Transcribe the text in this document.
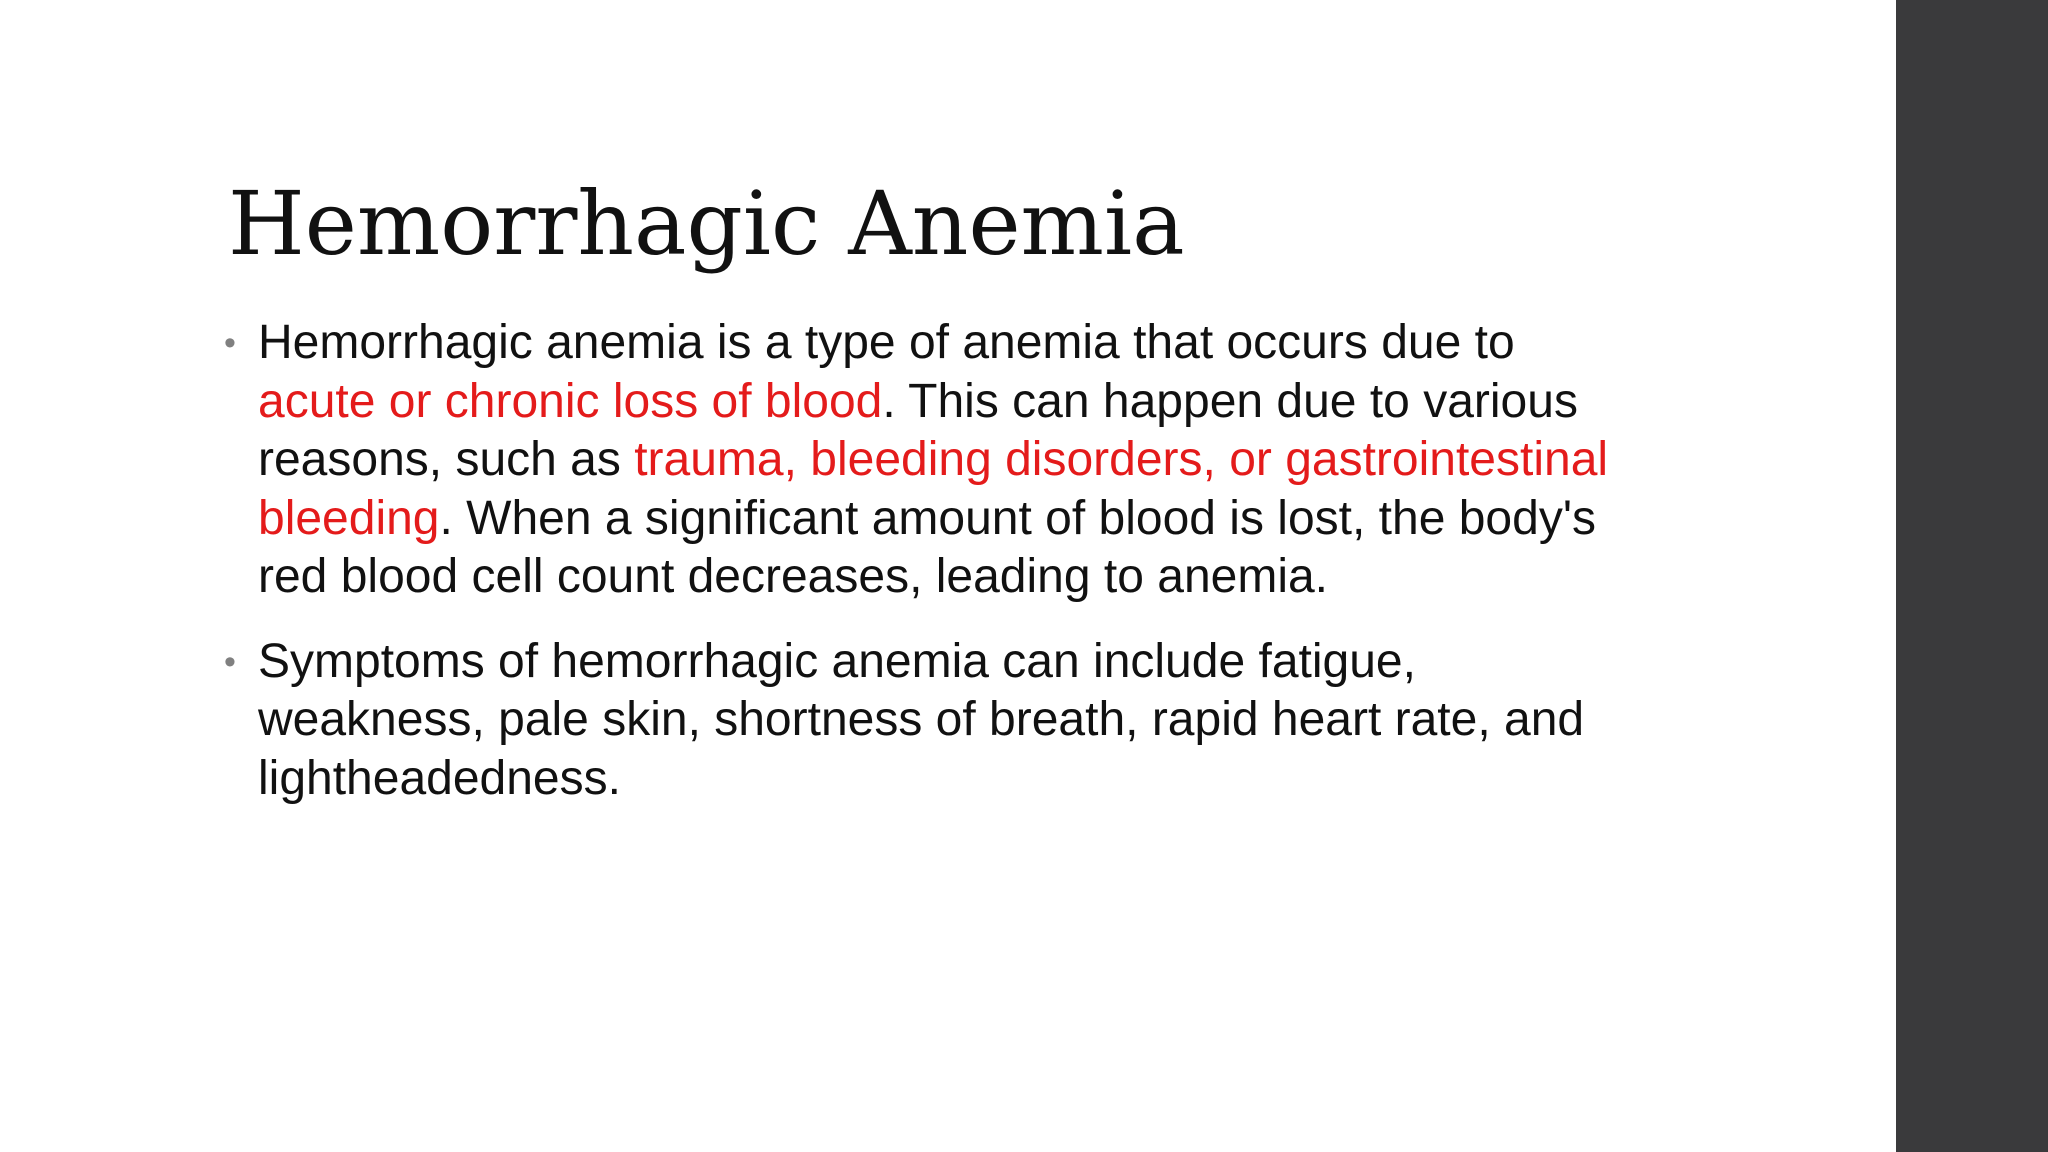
Hemorrhagic Anemia
• Hemorrhagic anemia is a type of anemia that occurs due to acute or chronic loss of blood. This can happen due to various reasons, such as trauma, bleeding disorders, or gastrointestinal bleeding. When a significant amount of blood is lost, the body's red blood cell count decreases, leading to anemia.
• Symptoms of hemorrhagic anemia can include fatigue, weakness, pale skin, shortness of breath, rapid heart rate, and lightheadedness.
